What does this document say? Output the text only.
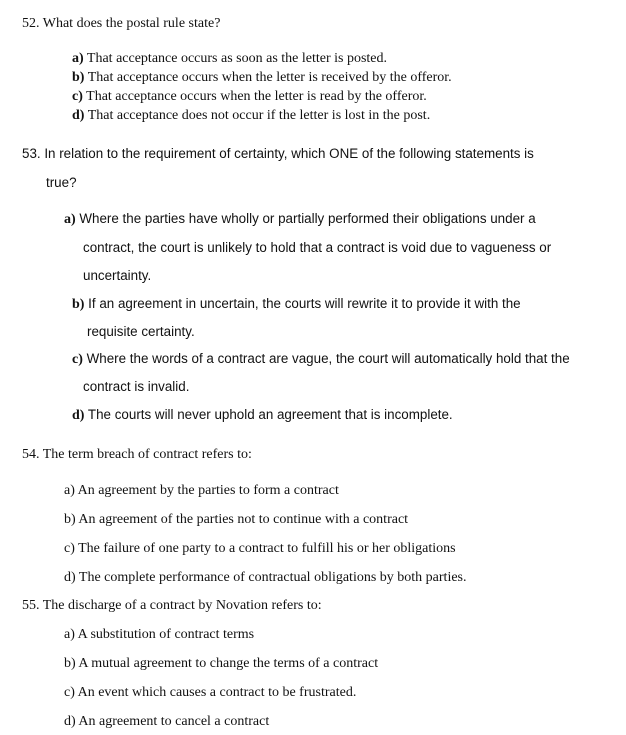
52. What does the postal rule state?
a) That acceptance occurs as soon as the letter is posted.
b) That acceptance occurs when the letter is received by the offeror.
c) That acceptance occurs when the letter is read by the offeror.
d) That acceptance does not occur if the letter is lost in the post.
53. In relation to the requirement of certainty, which ONE of the following statements is
true?
a) Where the parties have wholly or partially performed their obligations under a
contract, the court is unlikely to hold that a contract is void due to vagueness or
uncertainty.
b) If an agreement in uncertain, the courts will rewrite it to provide it with the
requisite certainty.
c) Where the words of a contract are vague, the court will automatically hold that the
contract is invalid.
d) The courts will never uphold an agreement that is incomplete.
54. The term breach of contract refers to:
a) An agreement by the parties to form a contract
b) An agreement of the parties not to continue with a contract
c) The failure of one party to a contract to fulfill his or her obligations
d) The complete performance of contractual obligations by both parties.
55. The discharge of a contract by Novation refers to:
a) A substitution of contract terms
b) A mutual agreement to change the terms of a contract
c) An event which causes a contract to be frustrated.
d) An agreement to cancel a contract
